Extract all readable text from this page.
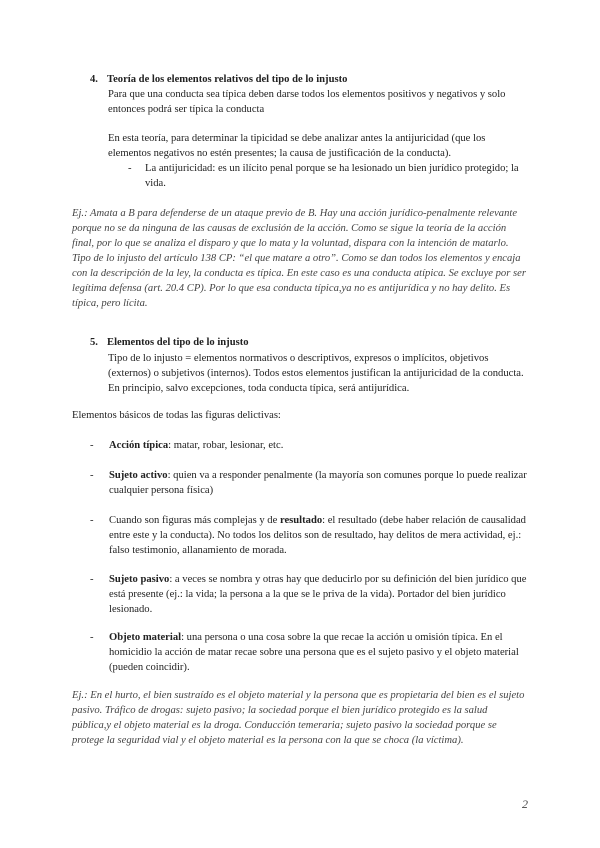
4. Teoría de los elementos relativos del tipo de lo injusto
Para que una conducta sea típica deben darse todos los elementos positivos y negativos y solo entonces podrá ser típica la conducta
En esta teoría, para determinar la tipicidad se debe analizar antes la antijuricidad (que los elementos negativos no estén presentes; la causa de justificación de la conducta).
- La antijuricidad: es un ilícito penal porque se ha lesionado un bien jurídico protegido; la vida.
Ej.: Amata a B para defenderse de un ataque previo de B. Hay una acción jurídico-penalmente relevante porque no se da ninguna de las causas de exclusión de la acción. Como se sigue la teoría de la acción final, por lo que se analiza el disparo y que lo mata y la voluntad, dispara con la intención de matarlo. Tipo de lo injusto del artículo 138 CP: “el que matare a otro”. Como se dan todos los elementos y encaja con la descripción de la ley, la conducta es típica. En este caso es una conducta atípica. Se excluye por ser legítima defensa (art. 20.4 CP). Por lo que esa conducta típica,ya no es antijurídica y no hay delito. Es típica, pero lícita.
5. Elementos del tipo de lo injusto
Tipo de lo injusto = elementos normativos o descriptivos, expresos o implícitos, objetivos (externos) o subjetivos (internos). Todos estos elementos justifican la antijuricidad de la conducta. En principio, salvo excepciones, toda conducta típica, será antijurídica.
Elementos básicos de todas las figuras delictivas:
- Acción típica: matar, robar, lesionar, etc.
- Sujeto activo: quien va a responder penalmente (la mayoría son comunes porque lo puede realizar cualquier persona física)
- Cuando son figuras más complejas y de resultado: el resultado (debe haber relación de causalidad entre este y la conducta). No todos los delitos son de resultado, hay delitos de mera actividad, ej.: falso testimonio, allanamiento de morada.
- Sujeto pasivo: a veces se nombra y otras hay que deducirlo por su definición del bien jurídico que está presente (ej.: la vida; la persona a la que se le priva de la vida). Portador del bien jurídico lesionado.
- Objeto material: una persona o una cosa sobre la que recae la acción u omisión típica. En el homicidio la acción de matar recae sobre una persona que es el sujeto pasivo y el objeto material (pueden coincidir).
Ej.: En el hurto, el bien sustraído es el objeto material y la persona que es propietaria del bien es el sujeto pasivo. Tráfico de drogas: sujeto pasivo; la sociedad porque el bien jurídico protegido es la salud pública,y el objeto material es la droga. Conducción temeraria; sujeto pasivo la sociedad porque se protege la seguridad vial y el objeto material es la persona con la que se choca (la víctima).
2
